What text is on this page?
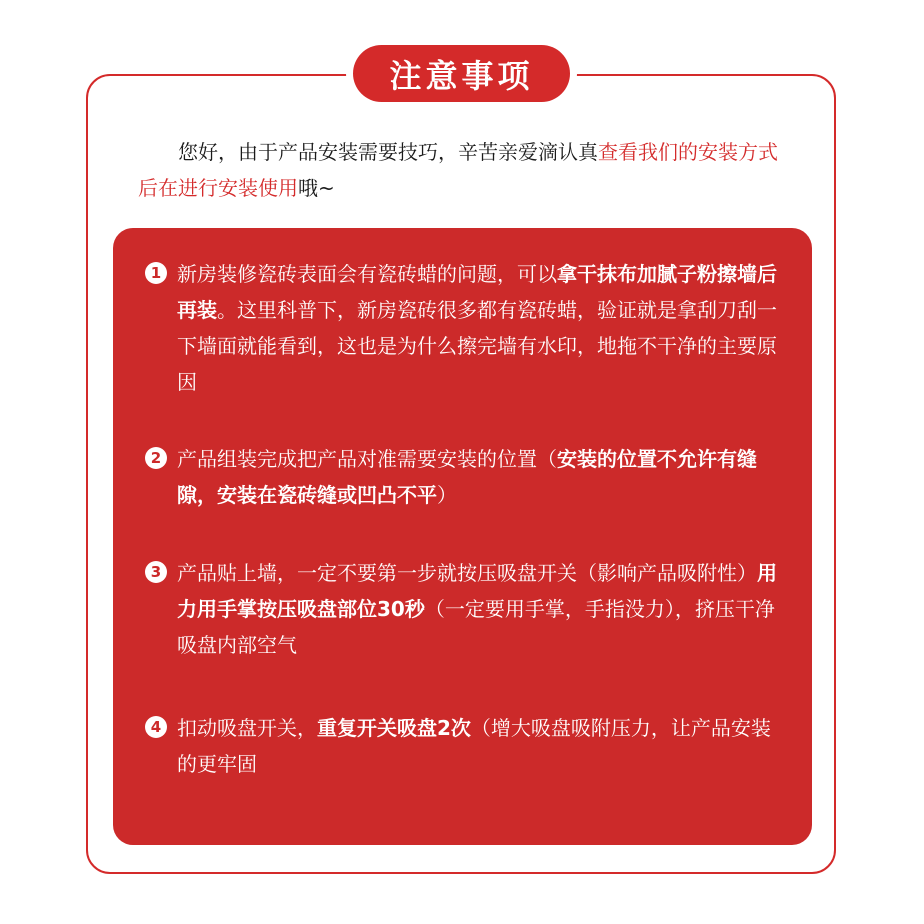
注意事项

您好，由于产品安装需要技巧，辛苦亲爱滴认真查看我们的安装方式后在进行安装使用哦~

1 新房装修瓷砖表面会有瓷砖蜡的问题，可以拿干抹布加腻子粉擦墙后再装。这里科普下，新房瓷砖很多都有瓷砖蜡，验证就是拿刮刀刮一下墙面就能看到，这也是为什么擦完墙有水印，地拖不干净的主要原因

2 产品组装完成把产品对准需要安装的位置（安装的位置不允许有缝隙，安装在瓷砖缝或凹凸不平）

3 产品贴上墙，一定不要第一步就按压吸盘开关（影响产品吸附性）用力用手掌按压吸盘部位30秒（一定要用手掌，手指没力），挤压干净吸盘内部空气

4 扣动吸盘开关，重复开关吸盘2次（增大吸盘吸附压力，让产品安装的更牢固
